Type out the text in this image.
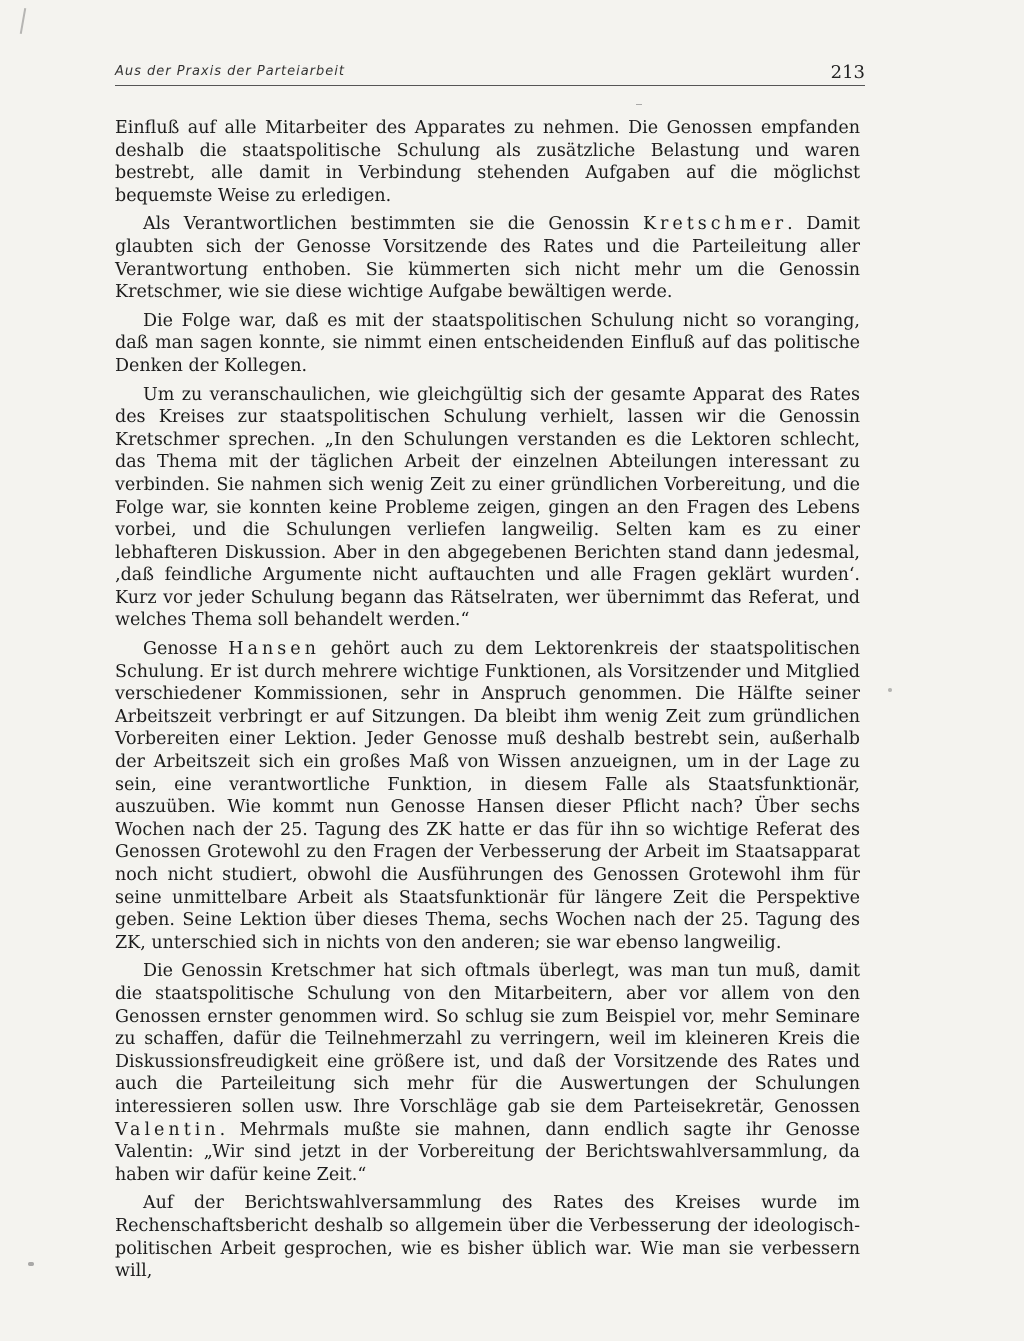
Aus der Praxis der Parteiarbeit	213

Einfluß auf alle Mitarbeiter des Apparates zu nehmen. Die Genossen empfanden deshalb die staatspolitische Schulung als zusätzliche Belastung und waren bestrebt, alle damit in Verbindung stehenden Aufgaben auf die möglichst bequemste Weise zu erledigen.

Als Verantwortlichen bestimmten sie die Genossin Kretschmer. Damit glaubten sich der Genosse Vorsitzende des Rates und die Parteileitung aller Verantwortung enthoben. Sie kümmerten sich nicht mehr um die Genossin Kretschmer, wie sie diese wichtige Aufgabe bewältigen werde.

Die Folge war, daß es mit der staatspolitischen Schulung nicht so voranging, daß man sagen konnte, sie nimmt einen entscheidenden Einfluß auf das politische Denken der Kollegen.

Um zu veranschaulichen, wie gleichgültig sich der gesamte Apparat des Rates des Kreises zur staatspolitischen Schulung verhielt, lassen wir die Genossin Kretschmer sprechen. „In den Schulungen verstanden es die Lektoren schlecht, das Thema mit der täglichen Arbeit der einzelnen Abteilungen interessant zu verbinden. Sie nahmen sich wenig Zeit zu einer gründlichen Vorbereitung, und die Folge war, sie konnten keine Probleme zeigen, gingen an den Fragen des Lebens vorbei, und die Schulungen verliefen langweilig. Selten kam es zu einer lebhafteren Diskussion. Aber in den abgegebenen Berichten stand dann jedesmal, ‚daß feindliche Argumente nicht auftauchten und alle Fragen geklärt wurden‘. Kurz vor jeder Schulung begann das Rätselraten, wer übernimmt das Referat, und welches Thema soll behandelt werden.“

Genosse Hansen gehört auch zu dem Lektorenkreis der staatspolitischen Schulung. Er ist durch mehrere wichtige Funktionen, als Vorsitzender und Mitglied verschiedener Kommissionen, sehr in Anspruch genommen. Die Hälfte seiner Arbeitszeit verbringt er auf Sitzungen. Da bleibt ihm wenig Zeit zum gründlichen Vorbereiten einer Lektion. Jeder Genosse muß deshalb bestrebt sein, außerhalb der Arbeitszeit sich ein großes Maß von Wissen anzueignen, um in der Lage zu sein, eine verantwortliche Funktion, in diesem Falle als Staatsfunktionär, auszuüben. Wie kommt nun Genosse Hansen dieser Pflicht nach? Über sechs Wochen nach der 25. Tagung des ZK hatte er das für ihn so wichtige Referat des Genossen Grotewohl zu den Fragen der Verbesserung der Arbeit im Staatsapparat noch nicht studiert, obwohl die Ausführungen des Genossen Grotewohl ihm für seine unmittelbare Arbeit als Staatsfunktionär für längere Zeit die Perspektive geben. Seine Lektion über dieses Thema, sechs Wochen nach der 25. Tagung des ZK, unterschied sich in nichts von den anderen; sie war ebenso langweilig.

Die Genossin Kretschmer hat sich oftmals überlegt, was man tun muß, damit die staatspolitische Schulung von den Mitarbeitern, aber vor allem von den Genossen ernster genommen wird. So schlug sie zum Beispiel vor, mehr Seminare zu schaffen, dafür die Teilnehmerzahl zu verringern, weil im kleineren Kreis die Diskussionsfreudigkeit eine größere ist, und daß der Vorsitzende des Rates und auch die Parteileitung sich mehr für die Auswertungen der Schulungen interessieren sollen usw. Ihre Vorschläge gab sie dem Parteisekretär, Genossen Valentin. Mehrmals mußte sie mahnen, dann endlich sagte ihr Genosse Valentin: „Wir sind jetzt in der Vorbereitung der Berichtswahlversammlung, da haben wir dafür keine Zeit.“

Auf der Berichtswahlversammlung des Rates des Kreises wurde im Rechenschaftsbericht deshalb so allgemein über die Verbesserung der ideologisch-politischen Arbeit gesprochen, wie es bisher üblich war. Wie man sie verbessern will,
